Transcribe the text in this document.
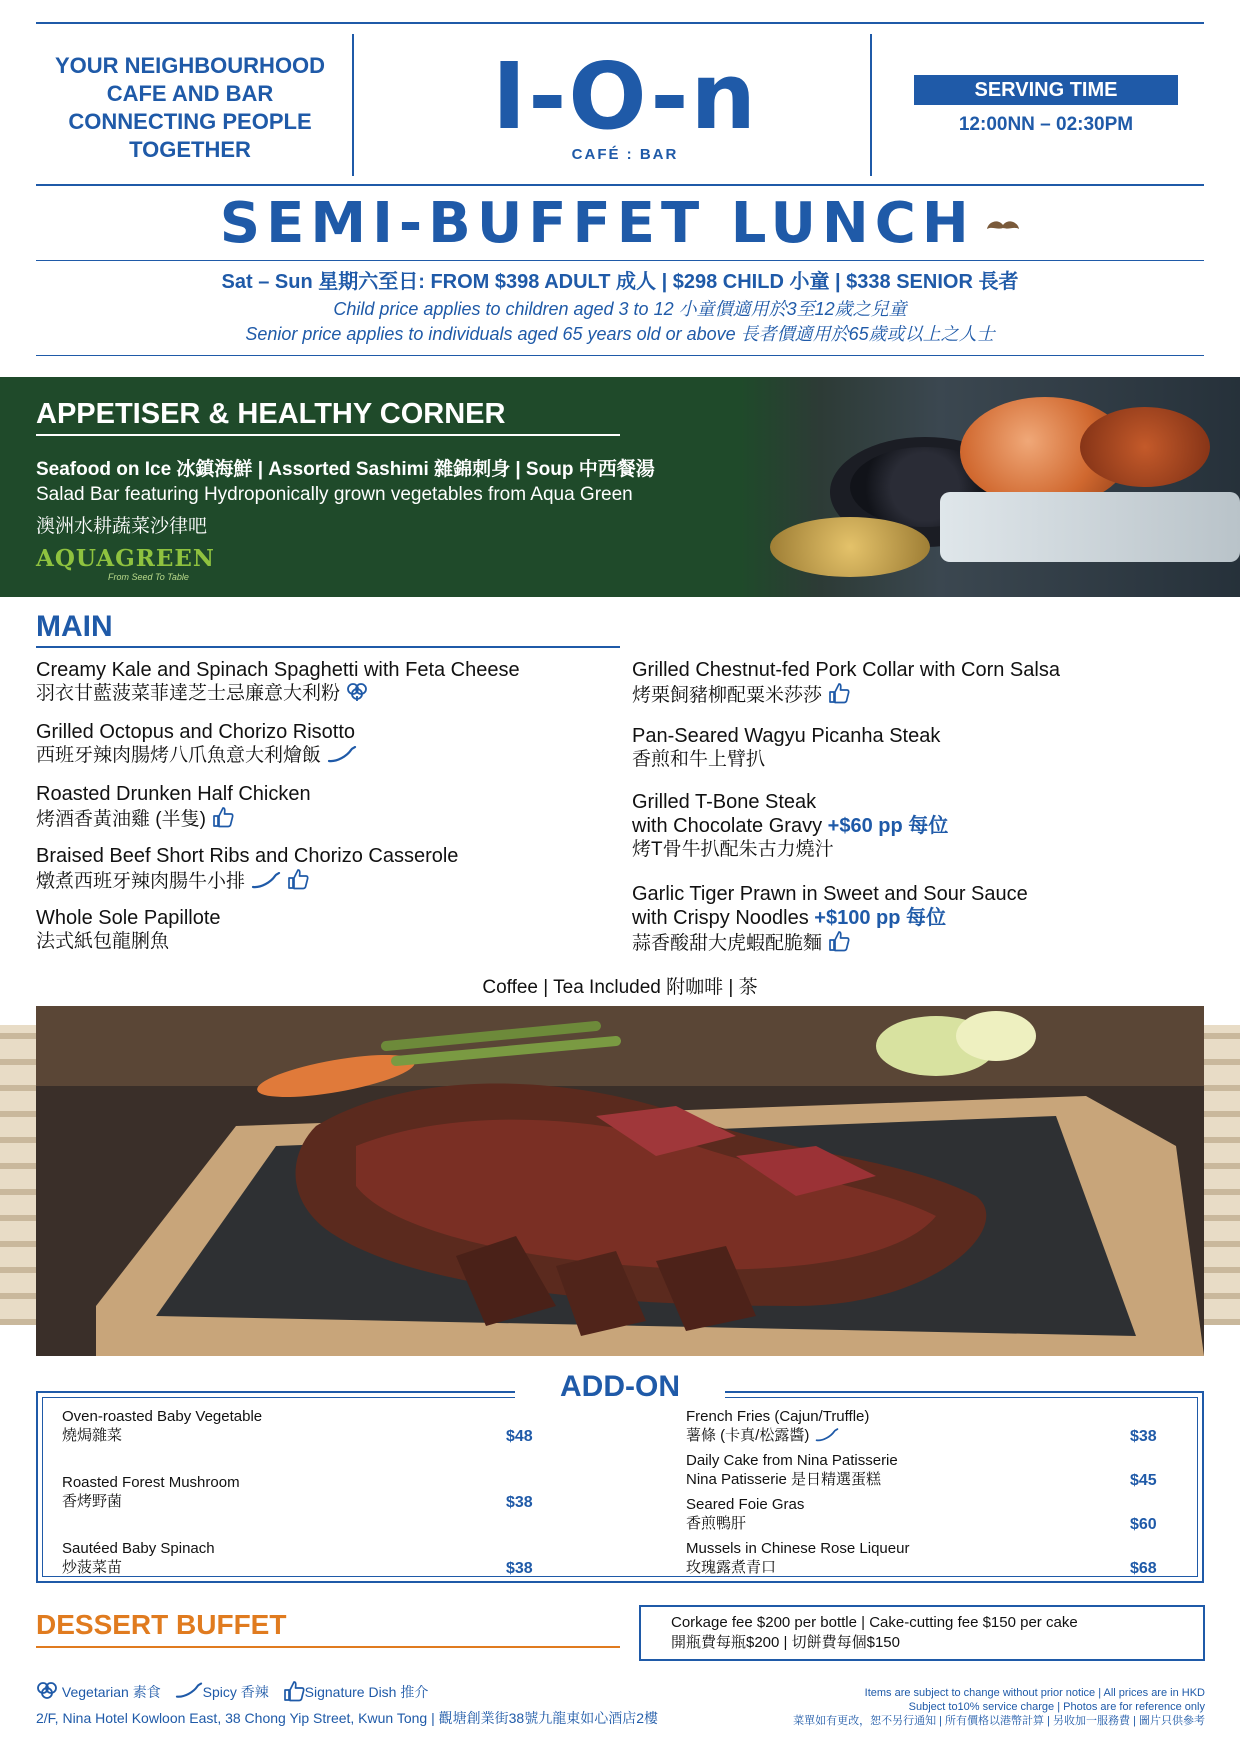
YOUR NEIGHBOURHOOD
CAFE AND BAR
CONNECTING PEOPLE
TOGETHER	I-O-n
CAFÉ : BAR
SERVING TIME
12:00NN – 02:30PM
SEMI-BUFFET LUNCH
Sat – Sun 星期六至日: FROM $398 ADULT 成人 | $298 CHILD 小童 | $338 SENIOR 長者
Child price applies to children aged 3 to 12 小童價適用於3至12歲之兒童
Senior price applies to individuals aged 65 years old or above 長者價適用於65歲或以上之人士
APPETISER & HEALTHY CORNER
Seafood on Ice 冰鎮海鮮 | Assorted Sashimi 雜錦刺身 | Soup 中西餐湯
Salad Bar featuring Hydroponically grown vegetables from Aqua Green
澳洲水耕蔬菜沙律吧
AQUAGREEN
From Seed To Table
MAIN
Creamy Kale and Spinach Spaghetti with Feta Cheese
羽衣甘藍菠菜菲達芝士忌廉意大利粉
Grilled Octopus and Chorizo Risotto
西班牙辣肉腸烤八爪魚意大利燴飯
Roasted Drunken Half Chicken
烤酒香黃油雞 (半隻)
Braised Beef Short Ribs and Chorizo Casserole
燉煮西班牙辣肉腸牛小排
Whole Sole Papillote
法式紙包龍脷魚
Grilled Chestnut-fed Pork Collar with Corn Salsa
烤栗飼豬柳配粟米莎莎
Pan-Seared Wagyu Picanha Steak
香煎和牛上臂扒
Grilled T-Bone Steak
with Chocolate Gravy +$60 pp 每位
烤T骨牛扒配朱古力燒汁
Garlic Tiger Prawn in Sweet and Sour Sauce
with Crispy Noodles +$100 pp 每位
蒜香酸甜大虎蝦配脆麵
Coffee | Tea Included 附咖啡 | 茶
ADD-ON
Oven-roasted Baby Vegetable
燒焗雜菜	$48
Roasted Forest Mushroom
香烤野菌	$38
Sautéed Baby Spinach
炒菠菜苗	$38
French Fries (Cajun/Truffle)
薯條 (卡真/松露醬)	$38
Daily Cake from Nina Patisserie
Nina Patisserie 是日精選蛋糕	$45
Seared Foie Gras
香煎鴨肝	$60
Mussels in Chinese Rose Liqueur
玫瑰露煮青口	$68
DESSERT BUFFET	Corkage fee $200 per bottle | Cake-cutting fee $150 per cake
開瓶費每瓶$200 | 切餅費每個$150
Vegetarian 素食	Spicy 香辣	Signature Dish 推介
2/F, Nina Hotel Kowloon East, 38 Chong Yip Street, Kwun Tong | 觀塘創業街38號九龍東如心酒店2樓
Items are subject to change without prior notice | All prices are in HKD
Subject to10% service charge | Photos are for reference only
菜單如有更改，恕不另行通知 | 所有價格以港幣計算 | 另收加一服務費 | 圖片只供參考
